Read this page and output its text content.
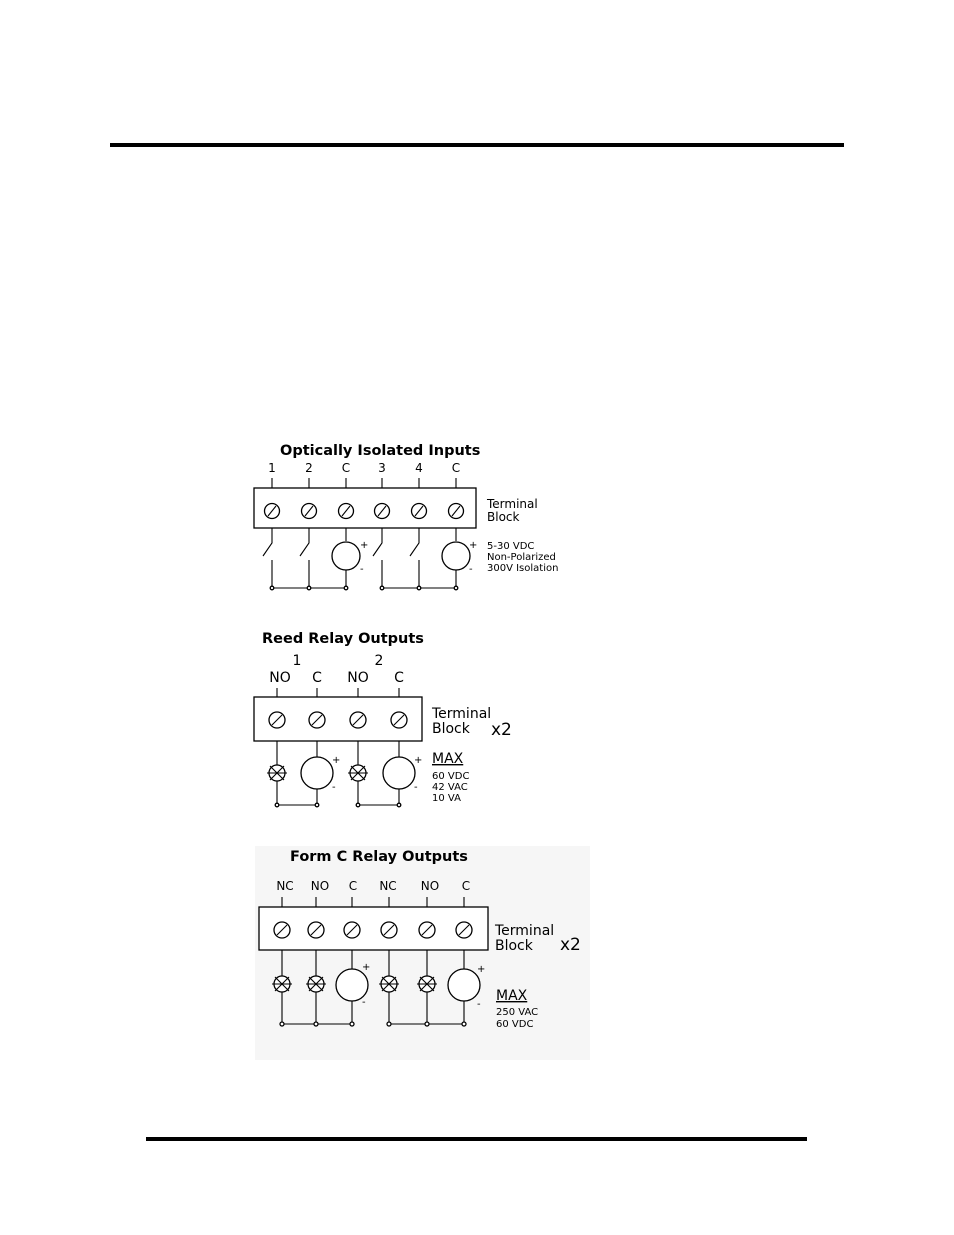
Optically Isolated Inputs
1 2 C 3 4 C
Terminal
Block
+
-
+
-
5-30 VDC
Non-Polarized
300V Isolation
Reed Relay Outputs
1	2
NO C NO C
Terminal
Block x2
+
-
+
-
MAX
60 VDC
42 VAC
10 VA
Form C Relay Outputs
NC NO C NC NO C
Terminal
Block x2
+
-
+
-
MAX
250 VAC
60 VDC
